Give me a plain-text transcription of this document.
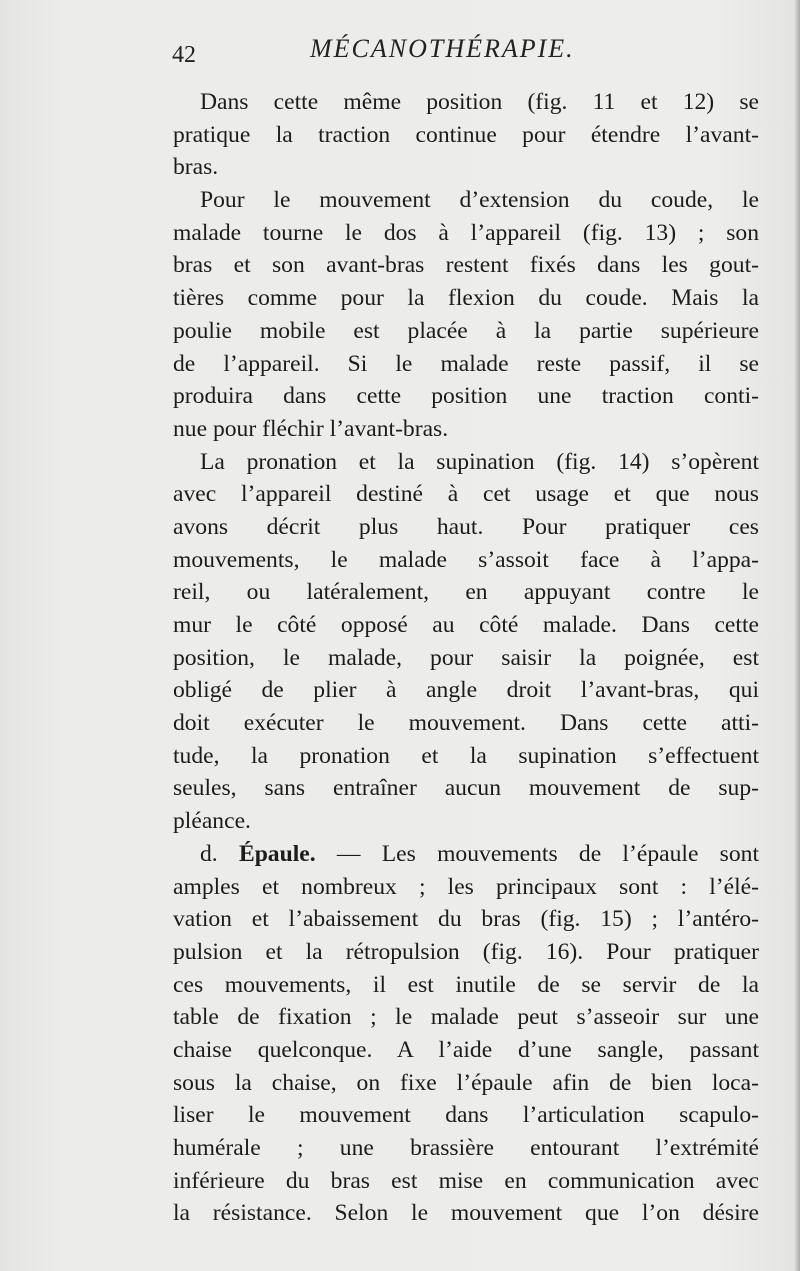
42	MÉCANOTHÉRAPIE.
Dans cette même position (fig. 11 et 12) se
pratique la traction continue pour étendre l’avant-
bras.
Pour le mouvement d’extension du coude, le
malade tourne le dos à l’appareil (fig. 13) ; son
bras et son avant-bras restent fixés dans les gout-
tières comme pour la flexion du coude. Mais la
poulie mobile est placée à la partie supérieure
de l’appareil. Si le malade reste passif, il se
produira dans cette position une traction conti-
nue pour fléchir l’avant-bras.
La pronation et la supination (fig. 14) s’opèrent
avec l’appareil destiné à cet usage et que nous
avons décrit plus haut. Pour pratiquer ces
mouvements, le malade s’assoit face à l’appa-
reil, ou latéralement, en appuyant contre le
mur le côté opposé au côté malade. Dans cette
position, le malade, pour saisir la poignée, est
obligé de plier à angle droit l’avant-bras, qui
doit exécuter le mouvement. Dans cette atti-
tude, la pronation et la supination s’effectuent
seules, sans entraîner aucun mouvement de sup-
pléance.
d. Épaule. — Les mouvements de l’épaule sont
amples et nombreux ; les principaux sont : l’élé-
vation et l’abaissement du bras (fig. 15) ; l’antéro-
pulsion et la rétropulsion (fig. 16). Pour pratiquer
ces mouvements, il est inutile de se servir de la
table de fixation ; le malade peut s’asseoir sur une
chaise quelconque. A l’aide d’une sangle, passant
sous la chaise, on fixe l’épaule afin de bien loca-
liser le mouvement dans l’articulation scapulo-
humérale ; une brassière entourant l’extrémité
inférieure du bras est mise en communication avec
la résistance. Selon le mouvement que l’on désire
